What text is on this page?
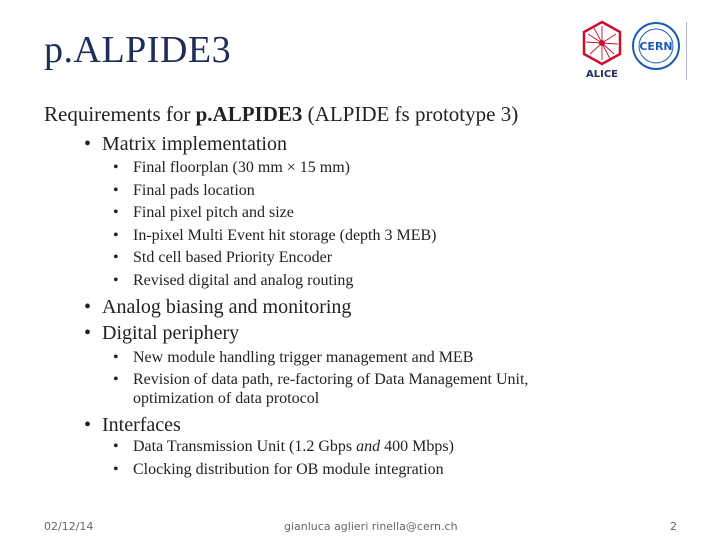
p.ALPIDE3
ALICE
CERN
Requirements for p.ALPIDE3 (ALPIDE fs prototype 3)
• Matrix implementation
• Final floorplan (30 mm × 15 mm)
• Final pads location
• Final pixel pitch and size
• In-pixel Multi Event hit storage (depth 3 MEB)
• Std cell based Priority Encoder
• Revised digital and analog routing
• Analog biasing and monitoring
• Digital periphery
• New module handling trigger management and MEB
• Revision of data path, re-factoring of Data Management Unit, optimization of data protocol
• Interfaces
• Data Transmission Unit (1.2 Gbps and 400 Mbps)
• Clocking distribution for OB module integration
02/12/14	gianluca aglieri rinella@cern.ch	2
